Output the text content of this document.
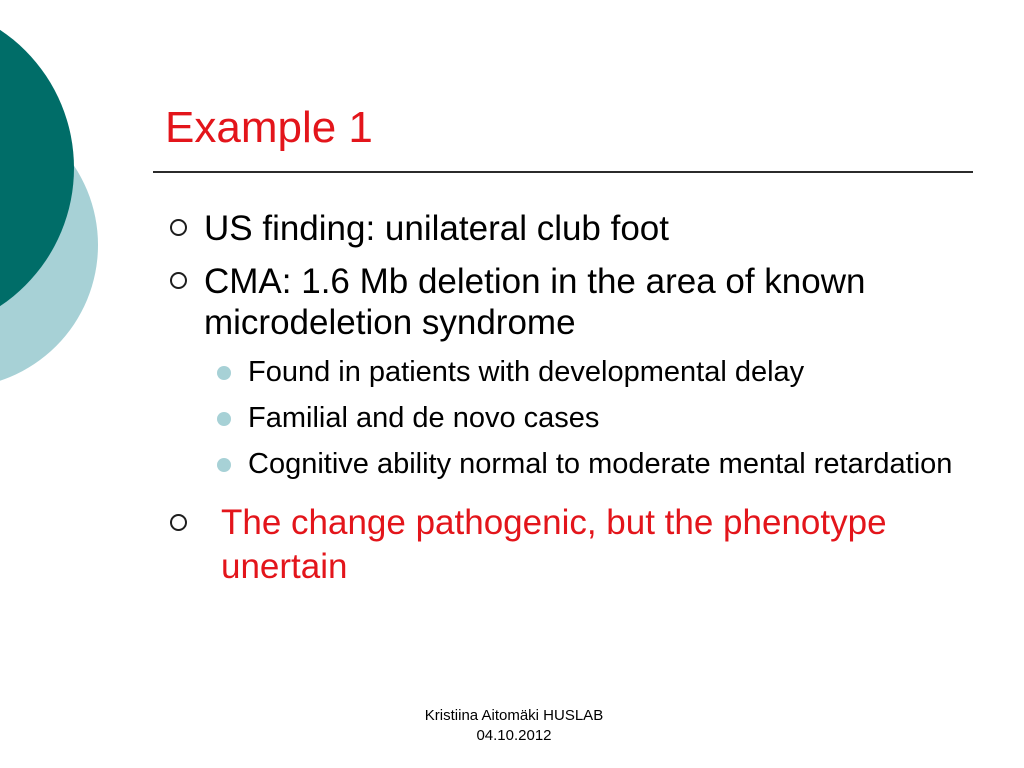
Example 1
US finding: unilateral club foot
CMA: 1.6 Mb deletion in the area of known microdeletion syndrome
Found in patients with developmental delay
Familial and de novo cases
Cognitive ability normal to moderate mental retardation
The change pathogenic, but the phenotype unertain
Kristiina Aitomäki HUSLAB
04.10.2012
